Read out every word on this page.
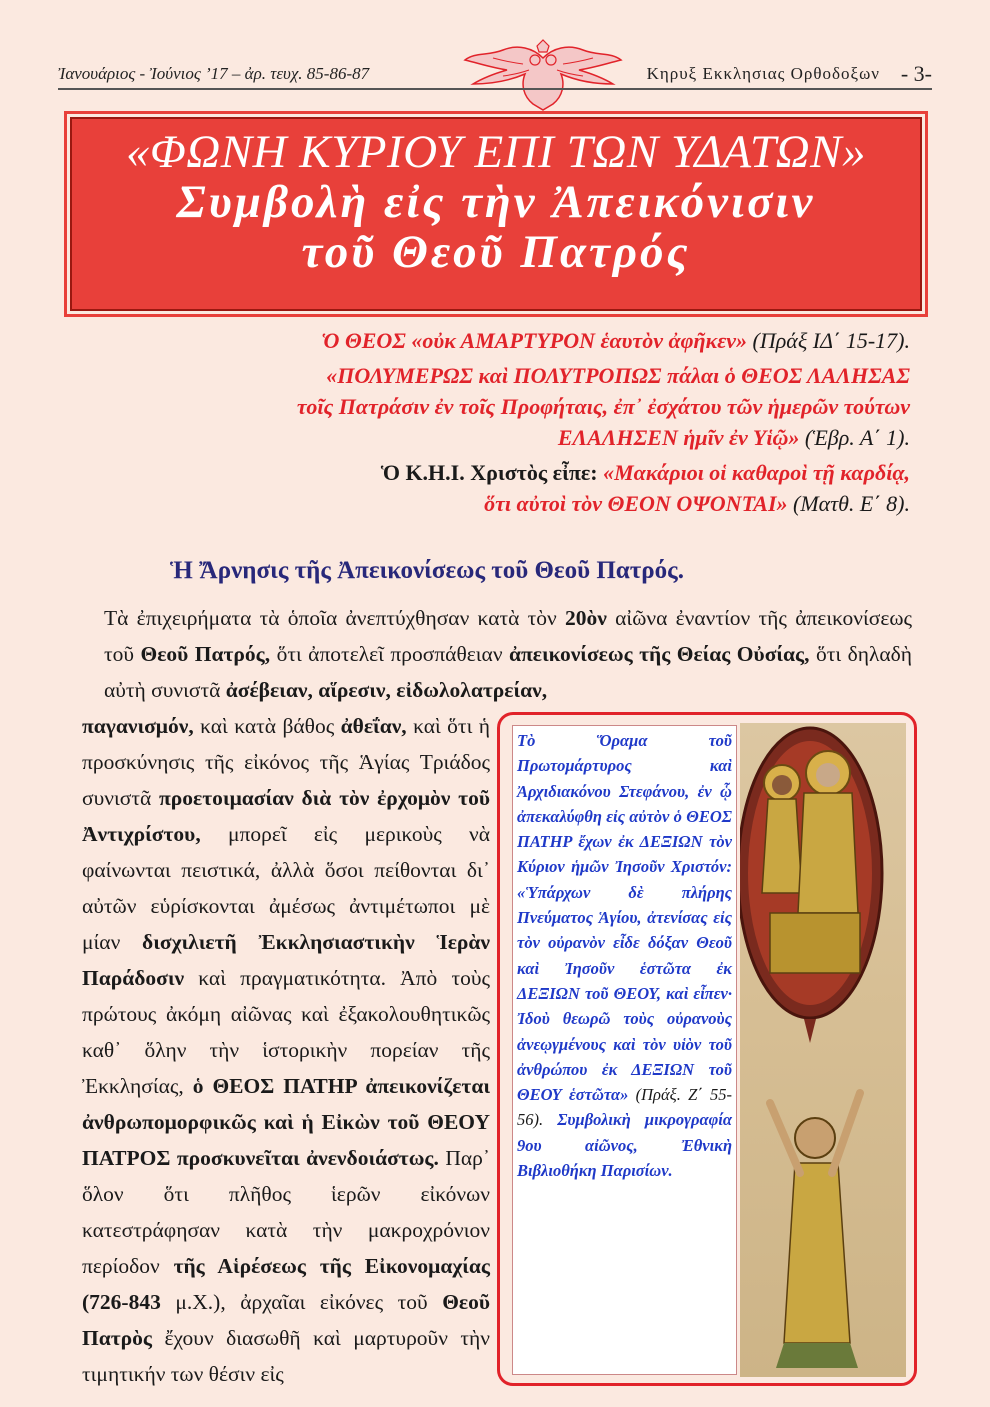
Ἰανουάριος - Ἰούνιος ’17 – ἀρ. τευχ. 85-86-87	Κηρυξ Εκκλησιας Ορθοδοξων - 3-
«ΦΩΝΗ ΚΥΡΙΟΥ ΕΠΙ ΤΩΝ ΥΔΑΤΩΝ»
Συμβολὴ εἰς τὴν Ἀπεικόνισιν
τοῦ Θεοῦ Πατρός

Ὁ ΘΕΟΣ «οὐκ ΑΜΑΡΤΥΡΟΝ ἑαυτὸν ἀφῆκεν» (Πράξ ΙΔ΄ 15-17).

«ΠΟΛΥΜΕΡΩΣ καὶ ΠΟΛΥΤΡΟΠΩΣ πάλαι ὁ ΘΕΟΣ ΛΑΛΗΣΑΣ
τοῖς Πατράσιν ἐν τοῖς Προφήταις, ἐπ᾽ ἐσχάτου τῶν ἡμερῶν τούτων
ΕΛΑΛΗΣΕΝ ἡμῖν ἐν Υἱῷ» (Ἑβρ. Α΄ 1).

Ὁ Κ.Η.Ι. Χριστὸς εἶπε: «Μακάριοι οἱ καθαροὶ τῇ καρδίᾳ,
ὅτι αὐτοὶ τὸν ΘΕΟΝ ΟΨΟΝΤΑΙ» (Ματθ. Ε΄ 8).

Ἡ Ἄρνησις τῆς Ἀπεικονίσεως τοῦ Θεοῦ Πατρός.

Τὰ ἐπιχειρήματα τὰ ὁποῖα ἀνεπτύχθησαν κατὰ τὸν 20ὸν αἰῶνα ἐναντίον τῆς ἀπεικονίσεως τοῦ Θεοῦ Πατρός, ὅτι ἀποτελεῖ προσπάθειαν ἀπεικονίσεως τῆς Θείας Οὐσίας, ὅτι δηλαδὴ αὐτὴ συνιστᾶ ἀσέβειαν, αἵρεσιν, εἰδωλολατρείαν,

παγανισμόν, καὶ κατὰ βάθος ἀθεΐαν, καὶ ὅτι ἡ προσκύνησις τῆς εἰκόνος τῆς Ἁγίας Τριάδος συνιστᾶ προετοιμασίαν διὰ τὸν ἐρχομὸν τοῦ Ἀντιχρίστου, μπορεῖ εἰς μερικοὺς νὰ φαίνωνται πειστικά, ἀλλὰ ὅσοι πείθονται δι᾽ αὐτῶν εὑρίσκονται ἀμέσως ἀντιμέτωποι μὲ μίαν δισχιλιετῆ Ἐκκλησιαστικὴν Ἱερὰν Παράδοσιν καὶ πραγματικότητα. Ἀπὸ τοὺς πρώτους ἀκόμη αἰῶνας καὶ ἐξακολουθητικῶς καθ᾽ ὅλην τὴν ἱστορικὴν πορείαν τῆς Ἐκκλησίας, ὁ ΘΕΟΣ ΠΑΤΗΡ ἀπεικονίζεται ἀνθρωπομορφικῶς καὶ ἡ Εἰκὼν τοῦ ΘΕΟΥ ΠΑΤΡΟΣ προσκυνεῖται ἀνενδοιάστως. Παρ᾽ ὅλον ὅτι πλῆθος ἱερῶν εἰκόνων κατεστράφησαν κατὰ τὴν μακροχρόνιον περίοδον τῆς Αἱρέσεως τῆς Εἰκονομαχίας (726-843 μ.Χ.), ἀρχαῖαι εἰκόνες τοῦ Θεοῦ Πατρὸς ἔχουν διασωθῆ καὶ μαρτυροῦν τὴν τιμητικήν των θέσιν εἰς

Τὸ Ὅραμα τοῦ Πρωτομάρτυρος καὶ Ἀρχιδιακόνου Στεφάνου, ἐν ᾧ ἀπεκαλύφθη εἰς αὐτὸν ὁ ΘΕΟΣ ΠΑΤΗΡ ἔχων ἐκ ΔΕΞΙΩΝ τὸν Κύριον ἡμῶν Ἰησοῦν Χριστόν: «Ὑπάρχων δὲ πλήρης Πνεύματος Ἁγίου, ἀτενίσας εἰς τὸν οὐρανὸν εἶδε δόξαν Θεοῦ καὶ Ἰησοῦν ἑστῶτα ἐκ ΔΕΞΙΩΝ τοῦ ΘΕΟΥ, καὶ εἶπεν· Ἰδοὺ θεωρῶ τοὺς οὐρανοὺς ἀνεῳγμένους καὶ τὸν υἱὸν τοῦ ἀνθρώπου ἐκ ΔΕΞΙΩΝ τοῦ ΘΕΟΥ ἑστῶτα» (Πράξ. Ζ΄ 55-56). Συμβολικὴ μικρογραφία 9ου αἰῶνος, Ἐθνικὴ Βιβλιοθήκη Παρισίων.
